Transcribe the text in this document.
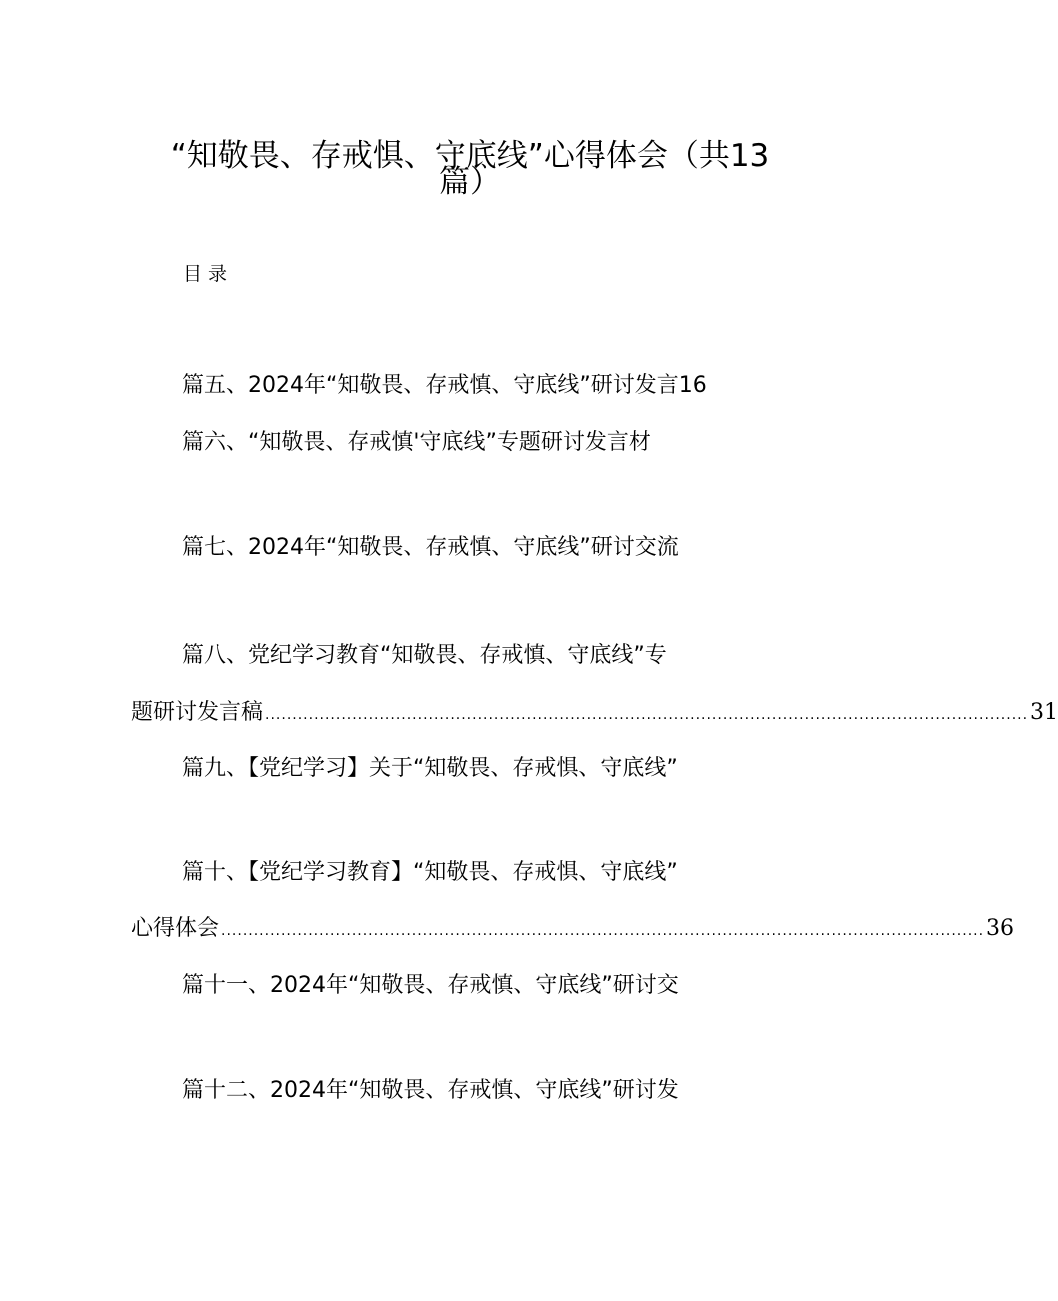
“知敬畏、存戒惧、守底线”心得体会（共13
篇）
目录
篇五、2024年“知敬畏、存戒慎、守底线”研讨发言16
篇六、“知敬畏、存戒慎'守底线”专题研讨发言材
篇七、2024年“知敬畏、存戒慎、守底线”研讨交流
篇八、党纪学习教育“知敬畏、存戒慎、守底线”专
题研讨发言稿 ............................................................................................................................................ 31
篇九、【党纪学习】关于“知敬畏、存戒惧、守底线”
篇十、【党纪学习教育】“知敬畏、存戒惧、守底线”
心得体会 ............................................................................................................................................ 36
篇十一、2024年“知敬畏、存戒慎、守底线”研讨交
篇十二、2024年“知敬畏、存戒慎、守底线”研讨发
